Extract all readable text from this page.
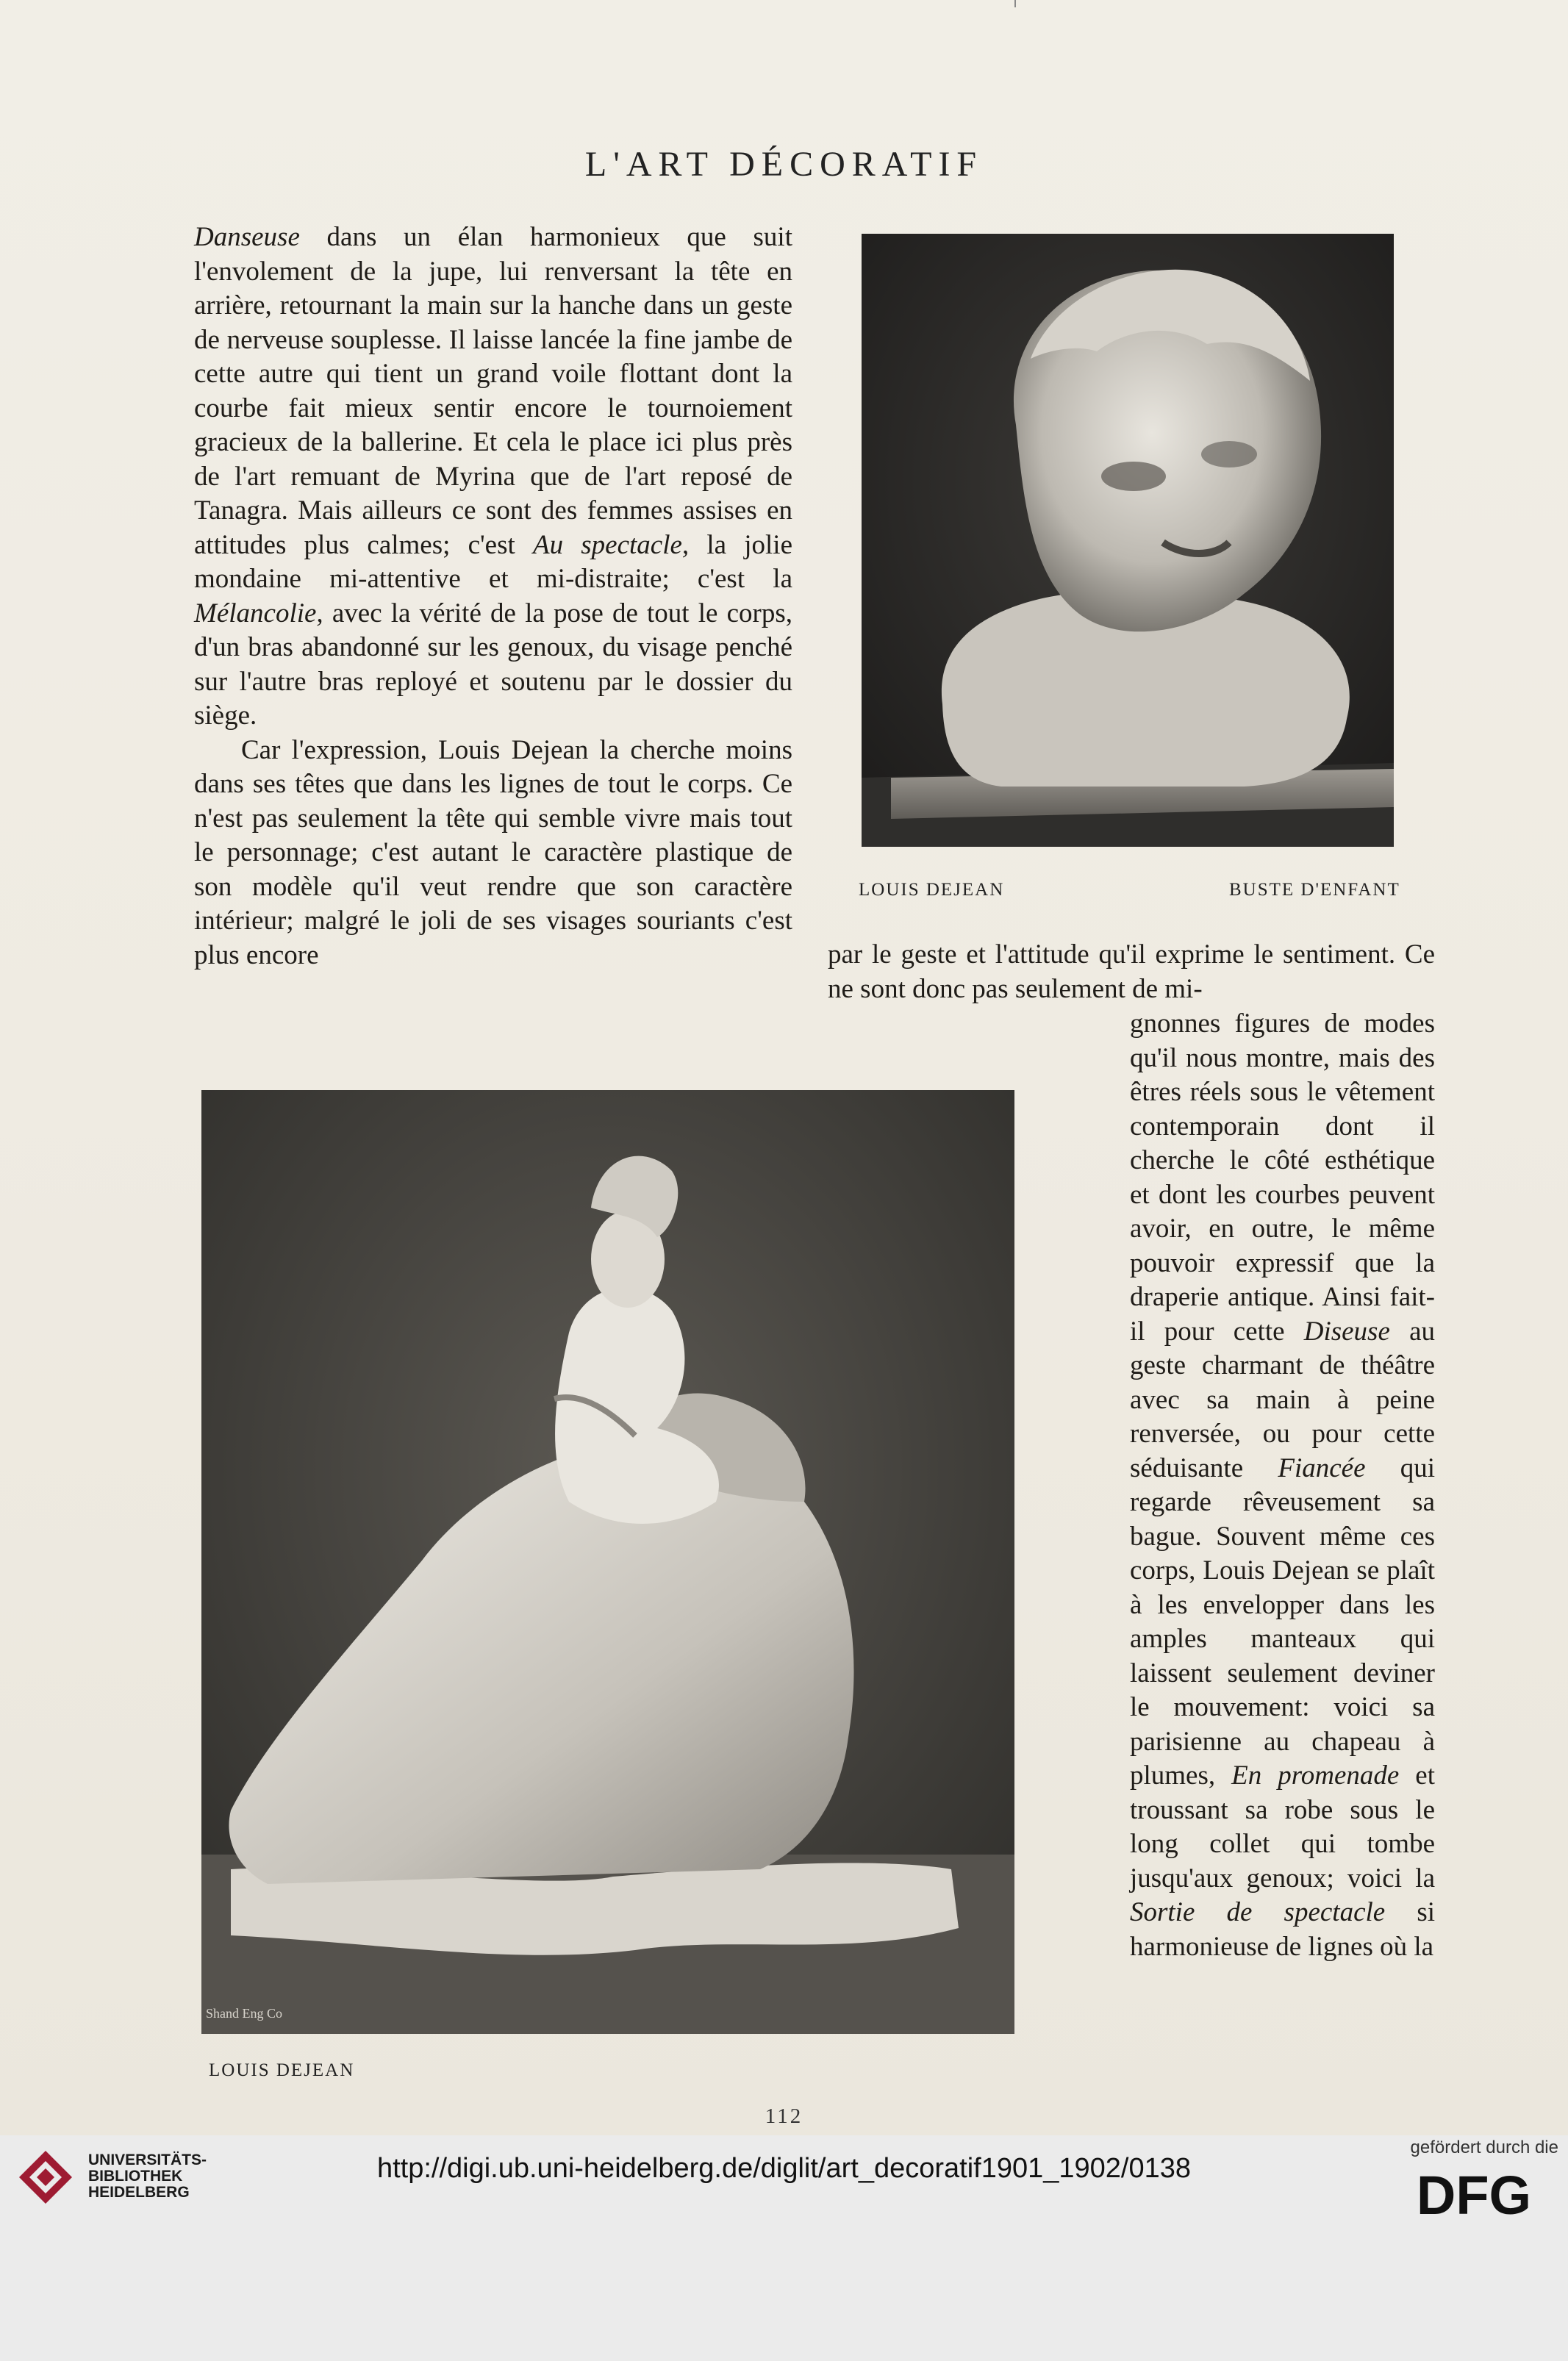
L'ART DÉCORATIF

Danseuse dans un élan harmonieux que suit l'envolement de la jupe, lui renversant la tête en arrière, retournant la main sur la hanche dans un geste de nerveuse souplesse. Il laisse lancée la fine jambe de cette autre qui tient un grand voile flottant dont la courbe fait mieux sentir encore le tournoiement gracieux de la ballerine. Et cela le place ici plus près de l'art remuant de Myrina que de l'art reposé de Tanagra. Mais ailleurs ce sont des femmes assises en attitudes plus calmes; c'est Au spectacle, la jolie mondaine mi-attentive et mi-distraite; c'est la Mélancolie, avec la vérité de la pose de tout le corps, d'un bras abandonné sur les genoux, du visage penché sur l'autre bras reployé et soutenu par le dossier du siège.

Car l'expression, Louis Dejean la cherche moins dans ses têtes que dans les lignes de tout le corps. Ce n'est pas seulement la tête qui semble vivre mais tout le personnage; c'est autant le caractère plastique de son modèle qu'il veut rendre que son caractère intérieur; malgré le joli de ses visages souriants c'est plus encore

LOUIS DEJEAN	BUSTE D'ENFANT
par le geste et l'attitude qu'il exprime le sentiment. Ce ne sont donc pas seulement de mi-

gnonnes figures de modes qu'il nous montre, mais des êtres réels sous le vêtement contemporain dont il cherche le côté esthétique et dont les courbes peuvent avoir, en outre, le même pouvoir expressif que la draperie antique. Ainsi fait-il pour cette Diseuse au geste charmant de théâtre avec sa main à peine renversée, ou pour cette séduisante Fiancée qui regarde rêveusement sa bague. Souvent même ces corps, Louis Dejean se plaît à les envelopper dans les amples manteaux qui laissent seulement deviner le mouvement: voici sa parisienne au chapeau à plumes, En promenade et troussant sa robe sous le long collet qui tombe jusqu'aux genoux; voici la Sortie de spectacle si harmonieuse de lignes où la

Shand Eng Co
LOUIS DEJEAN
112
UNIVERSITÄTS-
BIBLIOTHEK
HEIDELBERG
http://digi.ub.uni-heidelberg.de/diglit/art_decoratif1901_1902/0138
gefördert durch die
DFG
